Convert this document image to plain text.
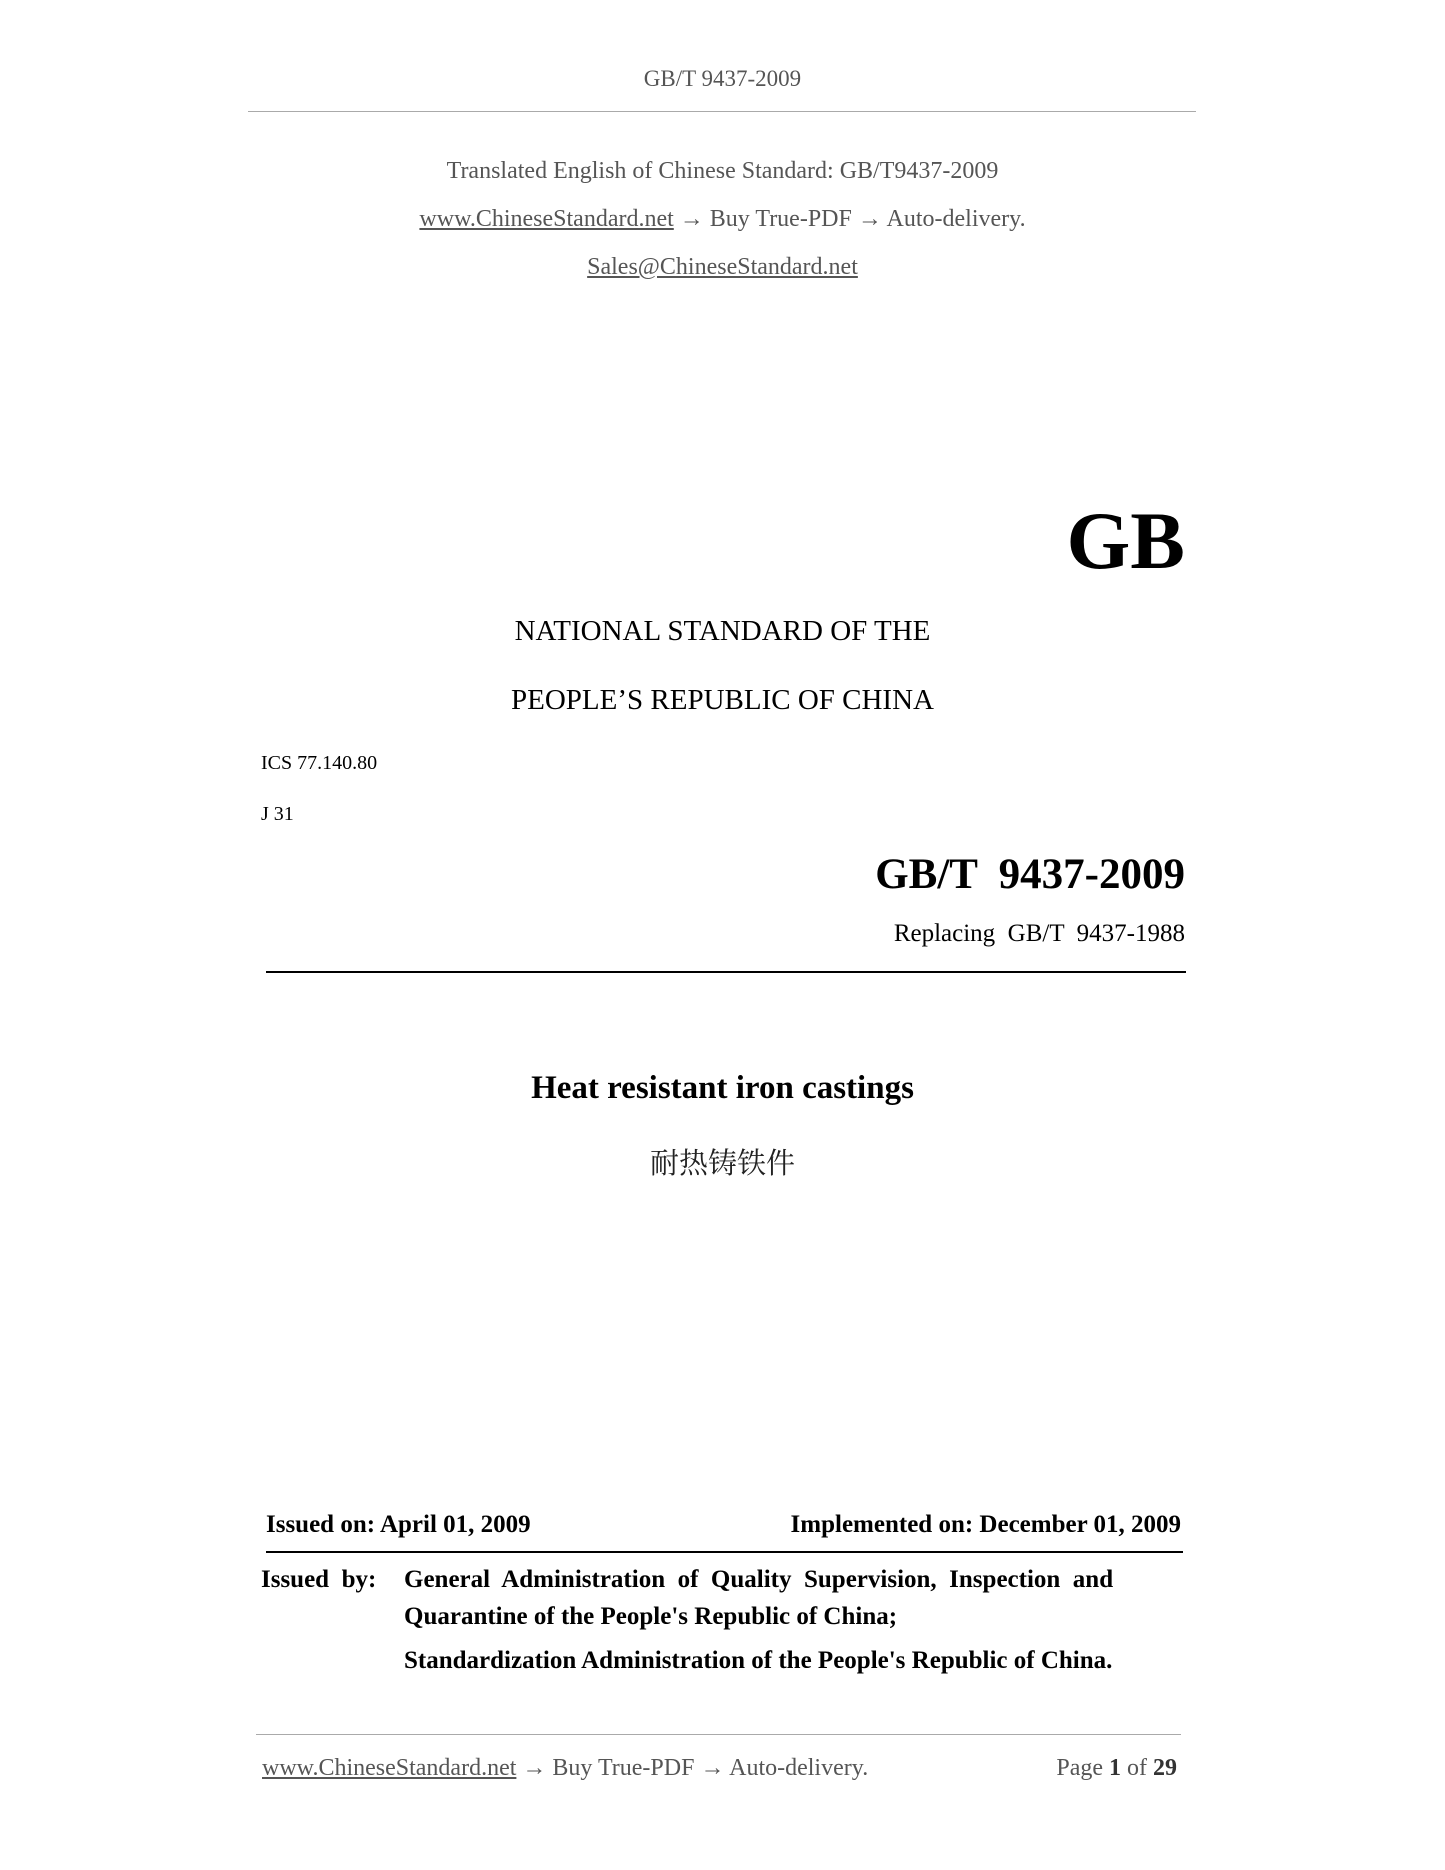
GB/T 9437-2009
Translated English of Chinese Standard: GB/T9437-2009
www.ChineseStandard.net → Buy True-PDF → Auto-delivery.
Sales@ChineseStandard.net
GB
NATIONAL STANDARD OF THE
PEOPLE’S REPUBLIC OF CHINA
ICS 77.140.80
J 31
GB/T  9437-2009
Replacing  GB/T  9437-1988
Heat resistant iron castings
耐热铸铁件
Issued on: April 01, 2009	Implemented on: December 01, 2009
Issued  by: General  Administration  of  Quality  Supervision,  Inspection  and
Quarantine of the People's Republic of China;
Standardization Administration of the People's Republic of China.
www.ChineseStandard.net → Buy True-PDF → Auto-delivery.	Page 1 of 29
